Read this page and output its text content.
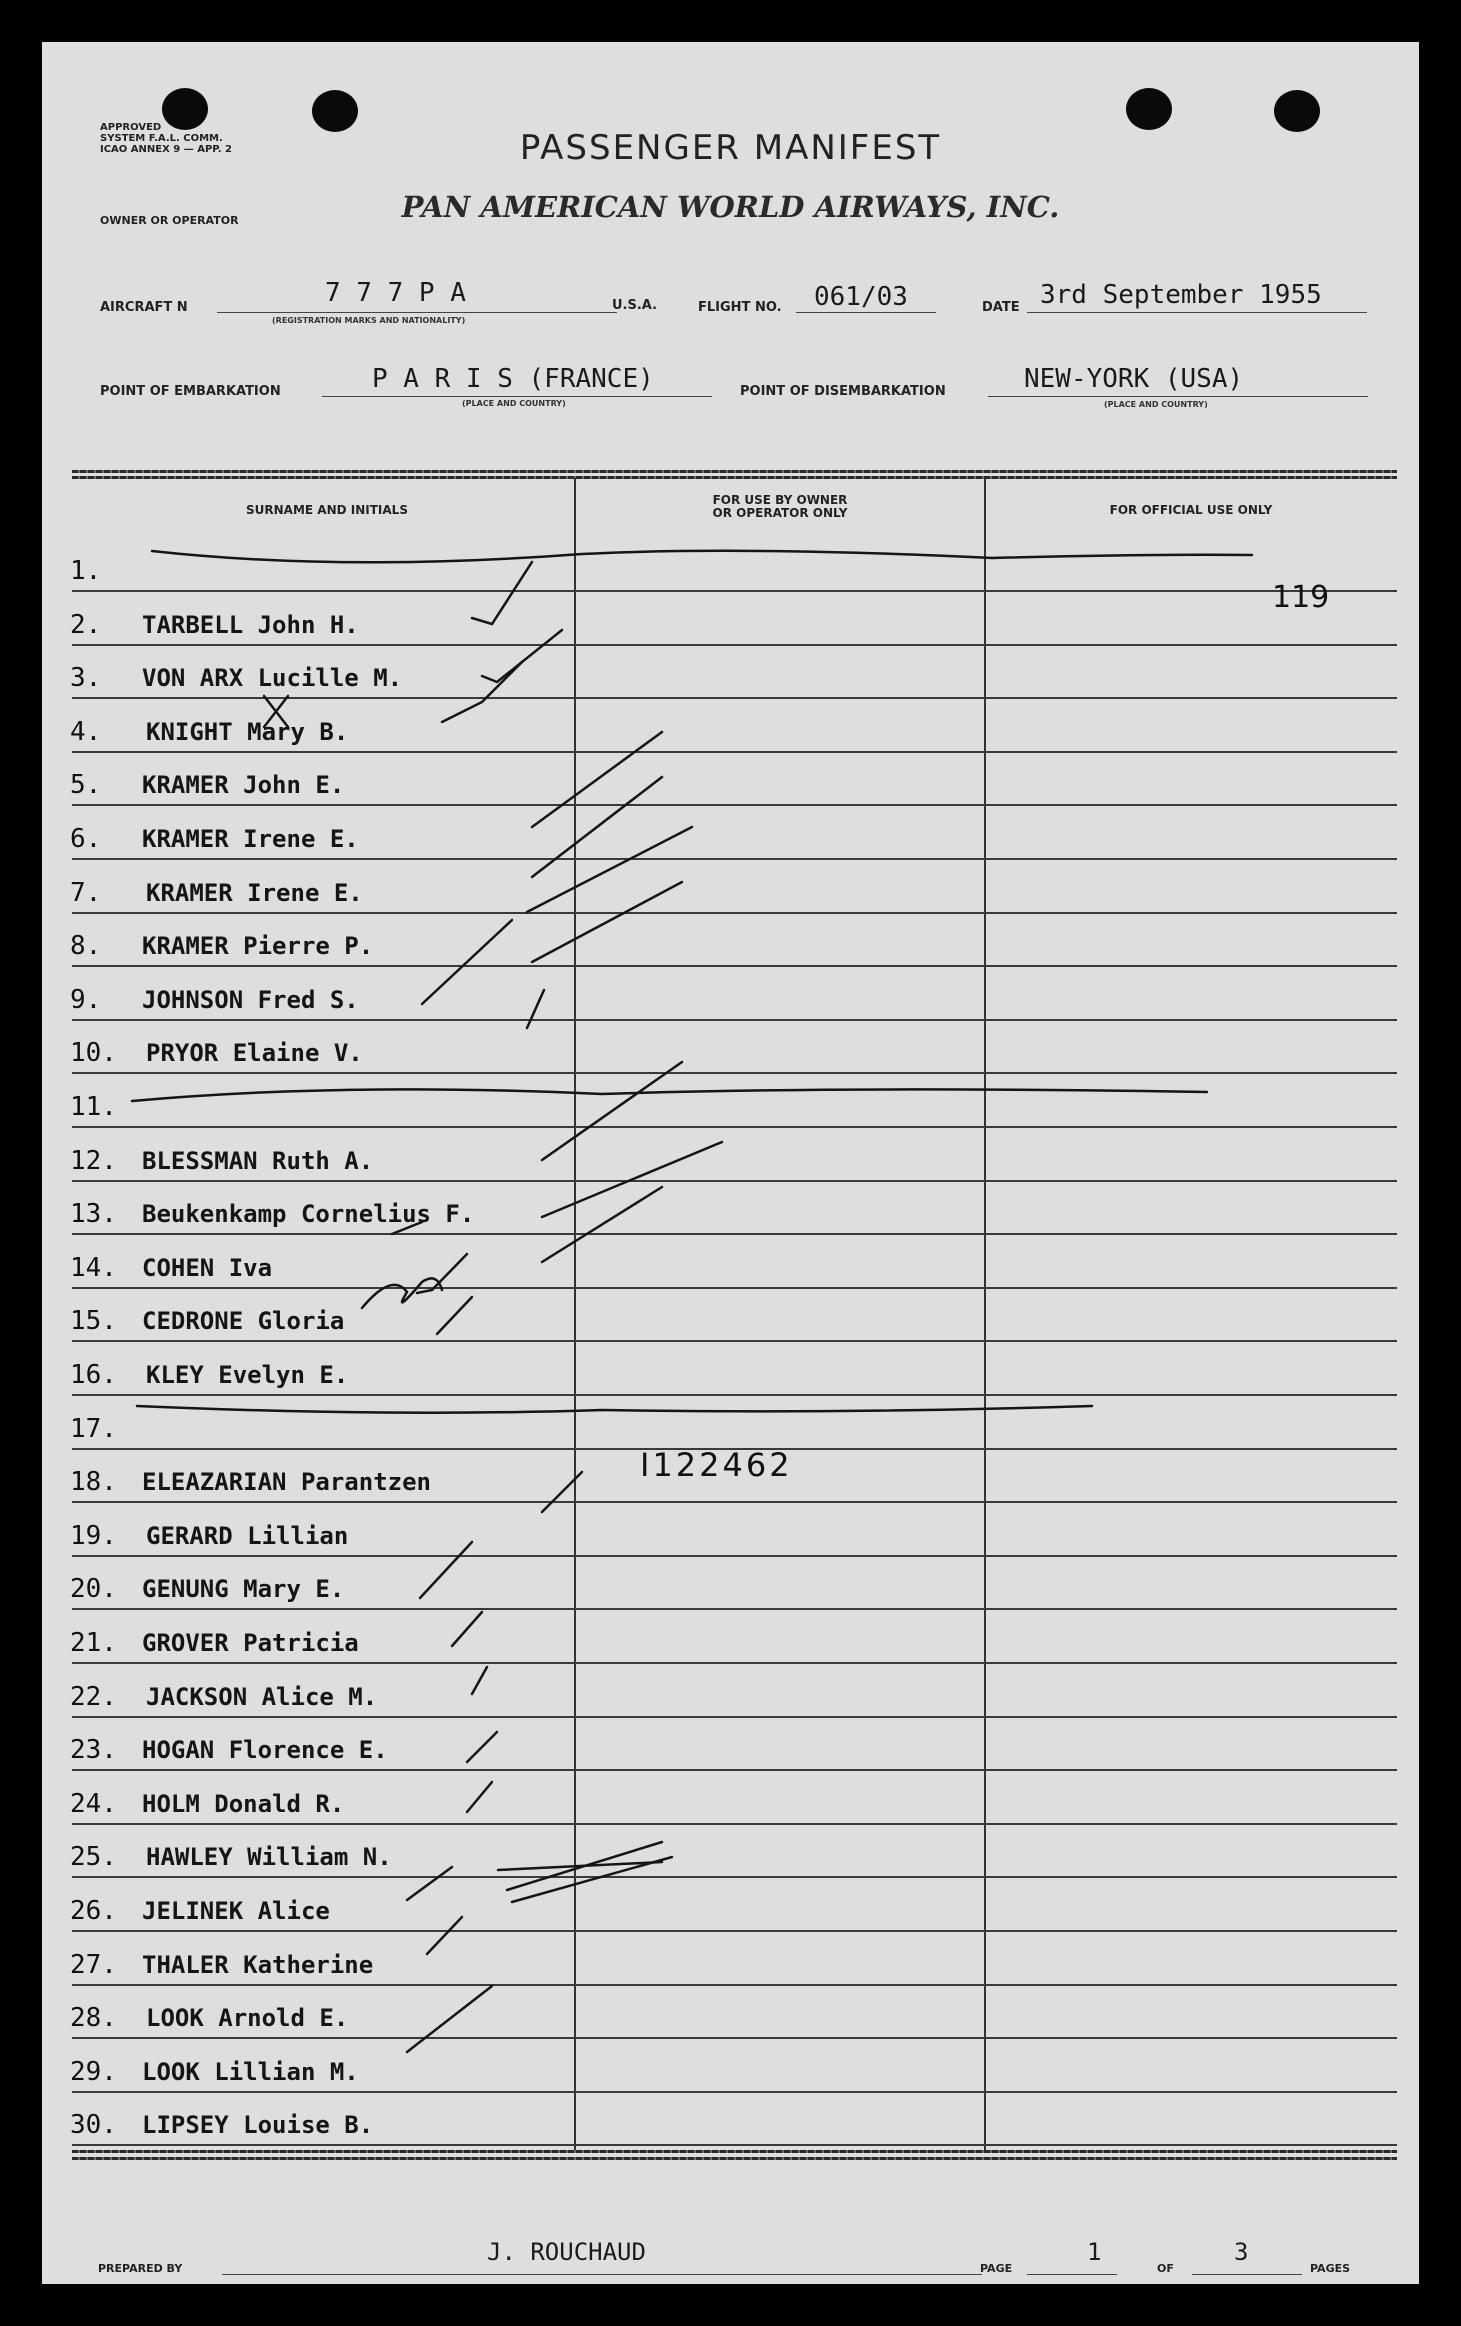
APPROVED
SYSTEM F.A.L. COMM.
ICAO ANNEX 9 — APP. 2	PASSENGER MANIFEST
PAN AMERICAN WORLD AIRWAYS, INC.
OWNER OR OPERATOR
AIRCRAFT N	7 7 7 P A
(REGISTRATION MARKS AND NATIONALITY)
U.S.A.	FLIGHT NO. 061/03	DATE 3rd September 1955
POINT OF EMBARKATION	P A R I S (FRANCE)
(PLACE AND COUNTRY)
POINT OF DISEMBARKATION	NEW-YORK (USA)
(PLACE AND COUNTRY)
SURNAME AND INITIALS
FOR USE BY OWNER
OR OPERATOR ONLY	FOR OFFICIAL USE ONLY
1.
2.	TARBELL John H.
3.	VON ARX Lucille M.
4.	KNIGHT Mary B.
5.	KRAMER John E.
6.	KRAMER Irene E.
7.	KRAMER Irene E.
8.	KRAMER Pierre P.
9.	JOHNSON Fred S.
10.	PRYOR Elaine V.
11.
12.	BLESSMAN Ruth A.
13.	Beukenkamp Cornelius F.
14.	COHEN Iva
15.	CEDRONE Gloria
16.	KLEY Evelyn E.
17.
18.	ELEAZARIAN Parantzen
19.	GERARD Lillian
20.	GENUNG Mary E.
21.	GROVER Patricia
22.	JACKSON Alice M.
23.	HOGAN Florence E.
24.	HOLM Donald R.
25.	HAWLEY William N.
26.	JELINEK Alice
27.	THALER Katherine
28.	LOOK Arnold E.
29.	LOOK Lillian M.
30.	LIPSEY Louise B.
119
I122462
PREPARED BY
J. ROUCHAUD
PAGE
1
OF
3
PAGES
